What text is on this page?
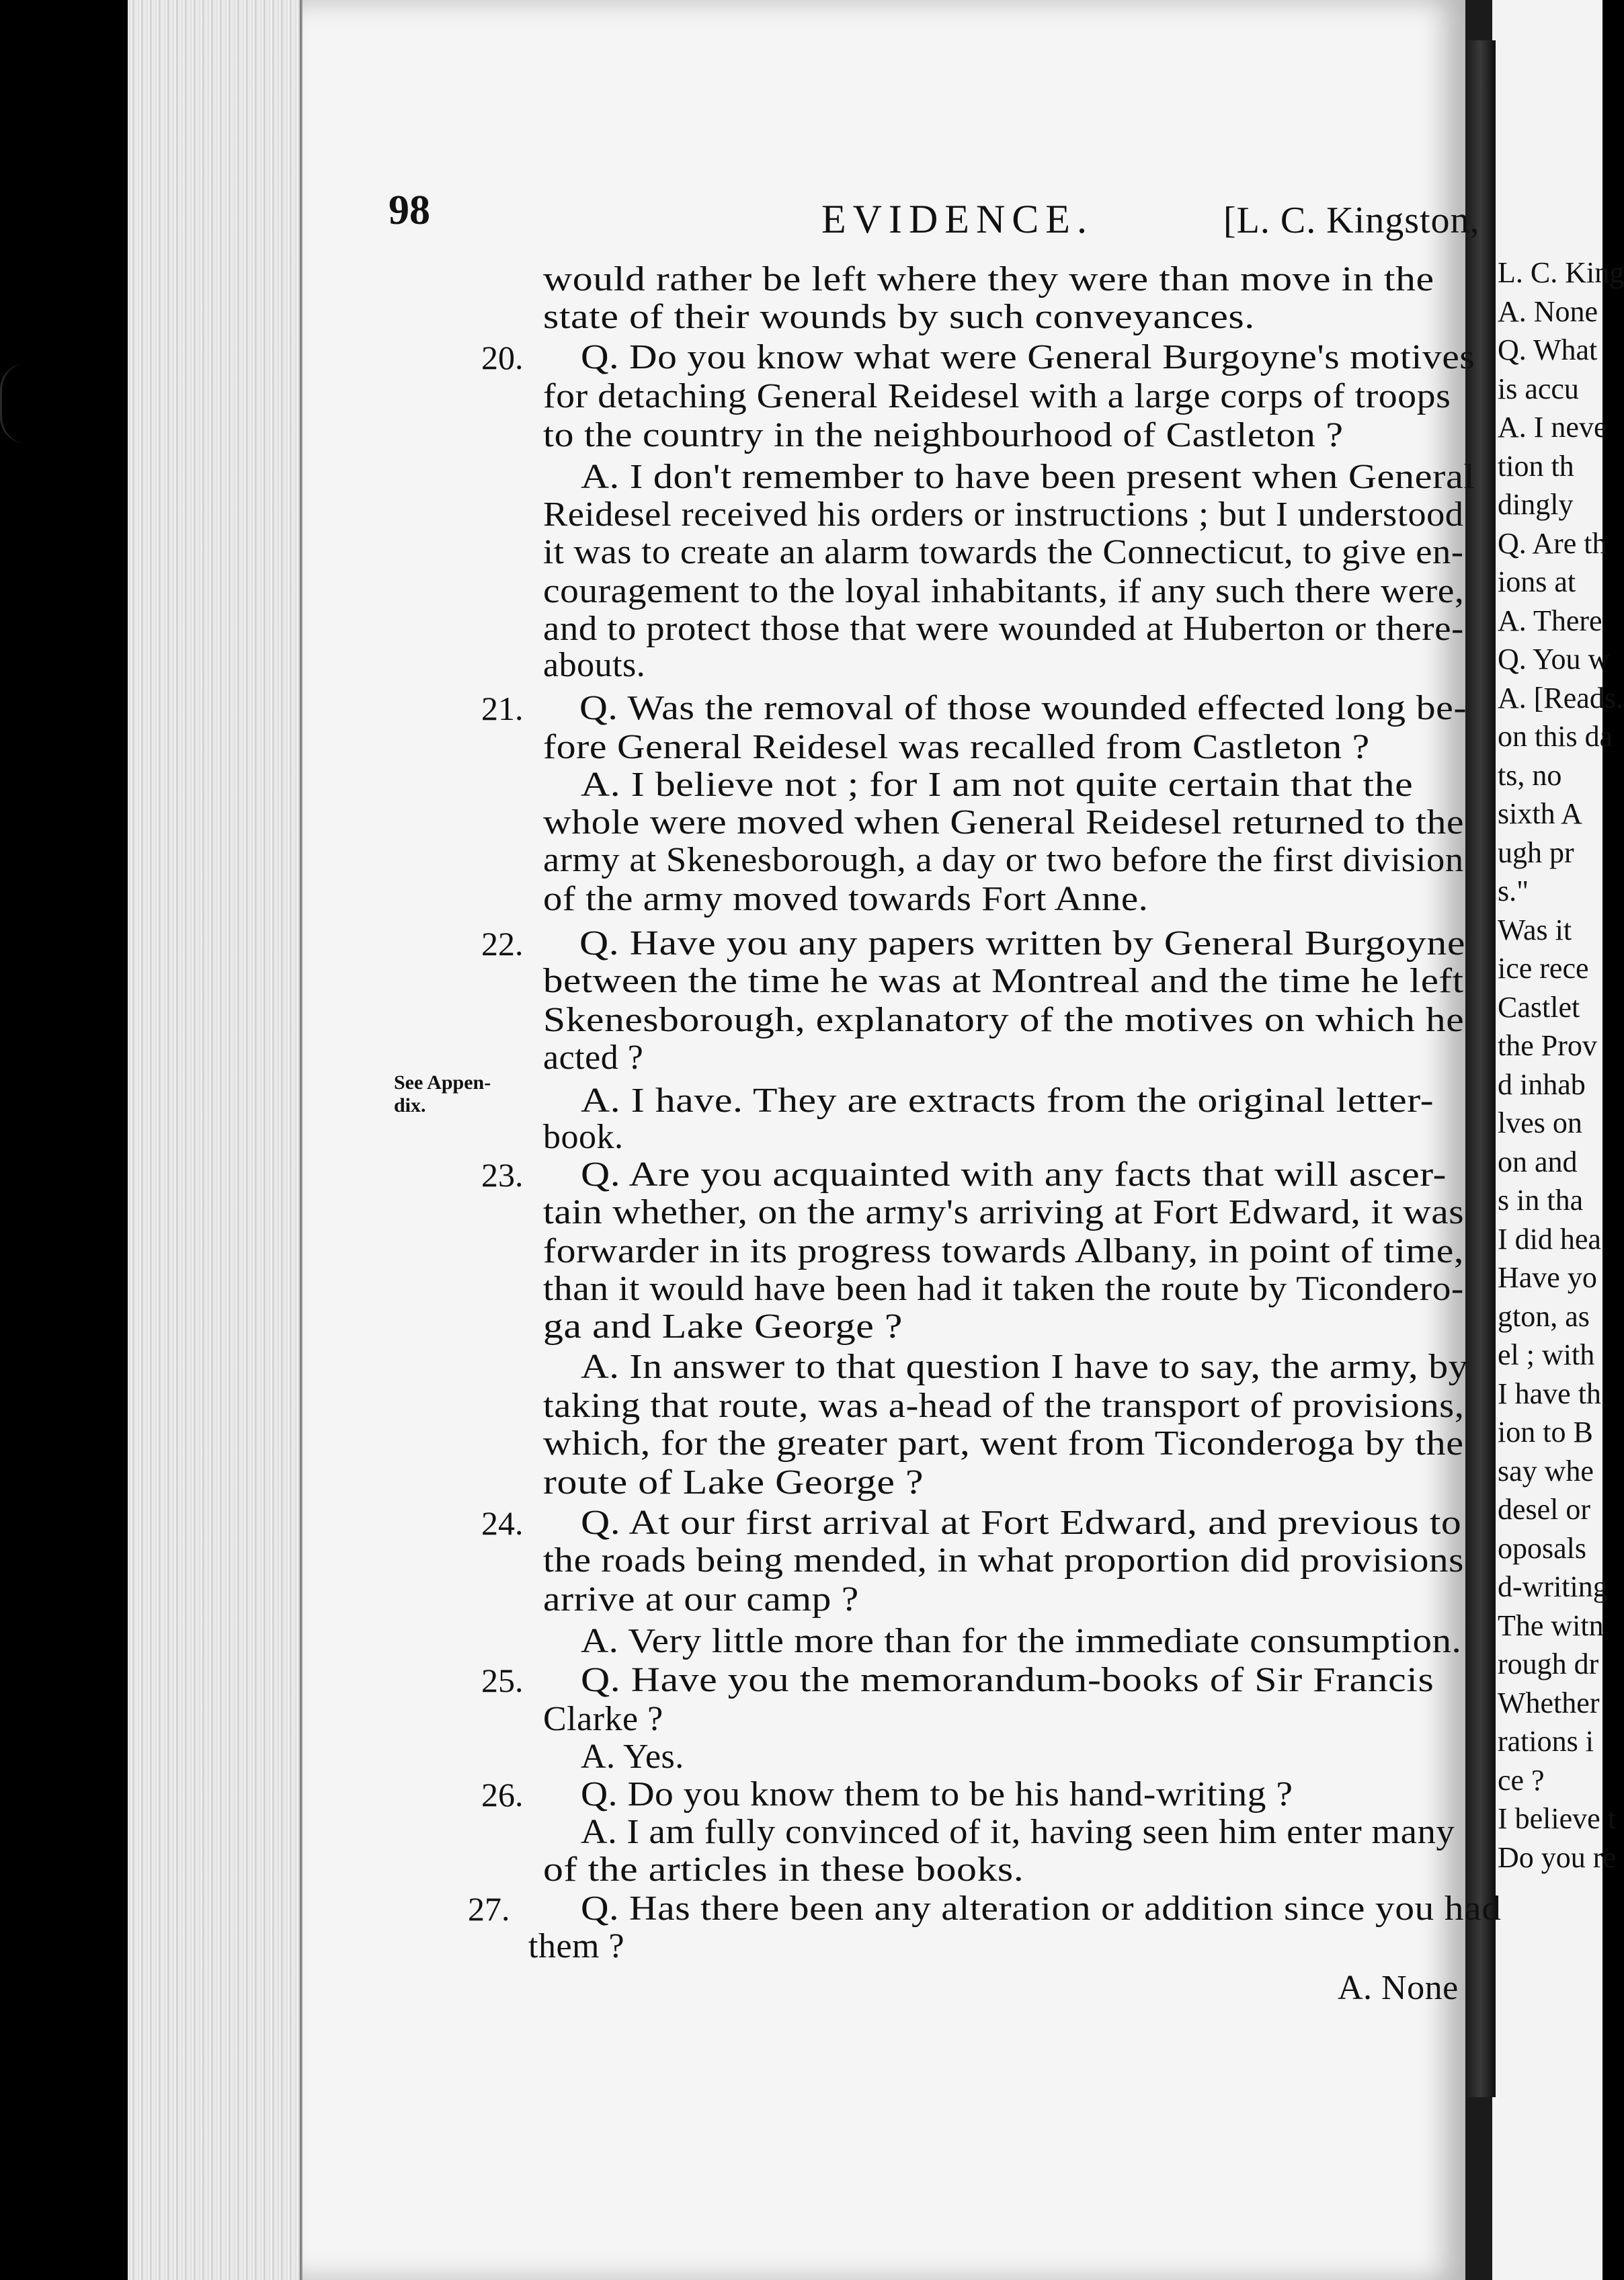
L. C. King
A. None
Q. What
is accu
A. I neve
tion th
dingly
Q. Are th
ions at
A. There
Q. You w
A. [Reads.
on this da
ts, no
sixth A
ugh pr
s."
Was it
ice rece
Castlet
the Prov
d inhab
lves on
on and
s in tha
I did hea
Have yo
gton, as
el ; with
I have th
ion to B
say whe
desel or
oposals
d-writing
The witn
rough dr
Whether
rations i
ce ?
I believe t
Do you re
98	EVIDENCE.	[L. C. Kingston,
See Appen-
dix.
20.
21.
22.
23.
24.
25.
26.
27.
would rather be left where they were than move in the
state of their wounds by such conveyances.
Q. Do you know what were General Burgoyne's motives
for detaching General Reidesel with a large corps of troops
to the country in the neighbourhood of Castleton ?
A. I don't remember to have been present when General
Reidesel received his orders or instructions ; but I understood
it was to create an alarm towards the Connecticut, to give en-
couragement to the loyal inhabitants, if any such there were,
and to protect those that were wounded at Huberton or there-
abouts.
Q. Was the removal of those wounded effected long be-
fore General Reidesel was recalled from Castleton ?
A. I believe not ; for I am not quite certain that the
whole were moved when General Reidesel returned to the
army at Skenesborough, a day or two before the first division
of the army moved towards Fort Anne.
Q. Have you any papers written by General Burgoyne
between the time he was at Montreal and the time he left
Skenesborough, explanatory of the motives on which he
acted ?
A. I have. They are extracts from the original letter-
book.
Q. Are you acquainted with any facts that will ascer-
tain whether, on the army's arriving at Fort Edward, it was
forwarder in its progress towards Albany, in point of time,
than it would have been had it taken the route by Ticondero-
ga and Lake George ?
A. In answer to that question I have to say, the army, by
taking that route, was a-head of the transport of provisions,
which, for the greater part, went from Ticonderoga by the
route of Lake George ?
Q. At our first arrival at Fort Edward, and previous to
the roads being mended, in what proportion did provisions
arrive at our camp ?
A. Very little more than for the immediate consumption.
Q. Have you the memorandum-books of Sir Francis
Clarke ?
A. Yes.
Q. Do you know them to be his hand-writing ?
A. I am fully convinced of it, having seen him enter many
of the articles in these books.
Q. Has there been any alteration or addition since you had
them ?
A. None
